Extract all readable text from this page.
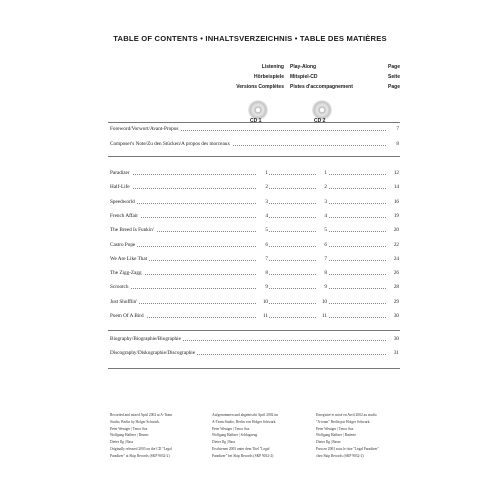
TABLE OF CONTENTS • INHALTSVERZEICHNIS • TABLE DES MATIÈRES
Listening
Hörbeispiele
Versions Complètes
Play-Along
Mitspiel-CD
Pistes d'accompagnement
Page
Seite
Page
CD 1	CD 2
Foreword/Vorwort/Avant-Propos	7
Composer's Note/Zu den Stücken/A propos des morceaux	8
Paradizer	1	1	12
Half-Life	2	2	14
Speedworld	3	3	16
French Affair	4	4	19
The Breed Is Funkin'	5	5	20
Castro Pope	6	6	22
We Are Like That	7	7	24
The Zigg-Zagg	8	8	26
Scrootch	9	9	28
Just Shufflin'	10	10	29
Poem Of A Bird	11	11	30
Biography/Biographie/Biographie	30
Discography/Diskographie/Discographie	31

Recorded and mixed April 2002 at A-Team

Studio, Berlin by Holger Schwark.

Peter Weniger | Tenor Sax

Wolfgang Haffner | Drums

Dieter Ilg | Bass

Originally released 2003 on the CD "Legal

Paradizer" at Skip Records (SKP 9032-2)

Aufgenommen und abgemischt April 2002 im

A-Team Studio, Berlin von Holger Schwark.

Peter Weniger | Tenor Sax

Wolfgang Haffner | Schlagzeug

Dieter Ilg | Bass

Erschienen 2003 unter dem Titel "Legal

Paradizer" bei Skip Records (SKP 9032-2)

Enregistré et mixé en Avril 2002 au studio

"A-team" Berlin par Holger Schwark.

Peter Weniger | Tenor Sax

Wolfgang Haffner | Batterie

Dieter Ilg | Basse

Paru en 2003 sous le titre "Legal Paradizer"

chez Skip Records (SKP 9032-2)
